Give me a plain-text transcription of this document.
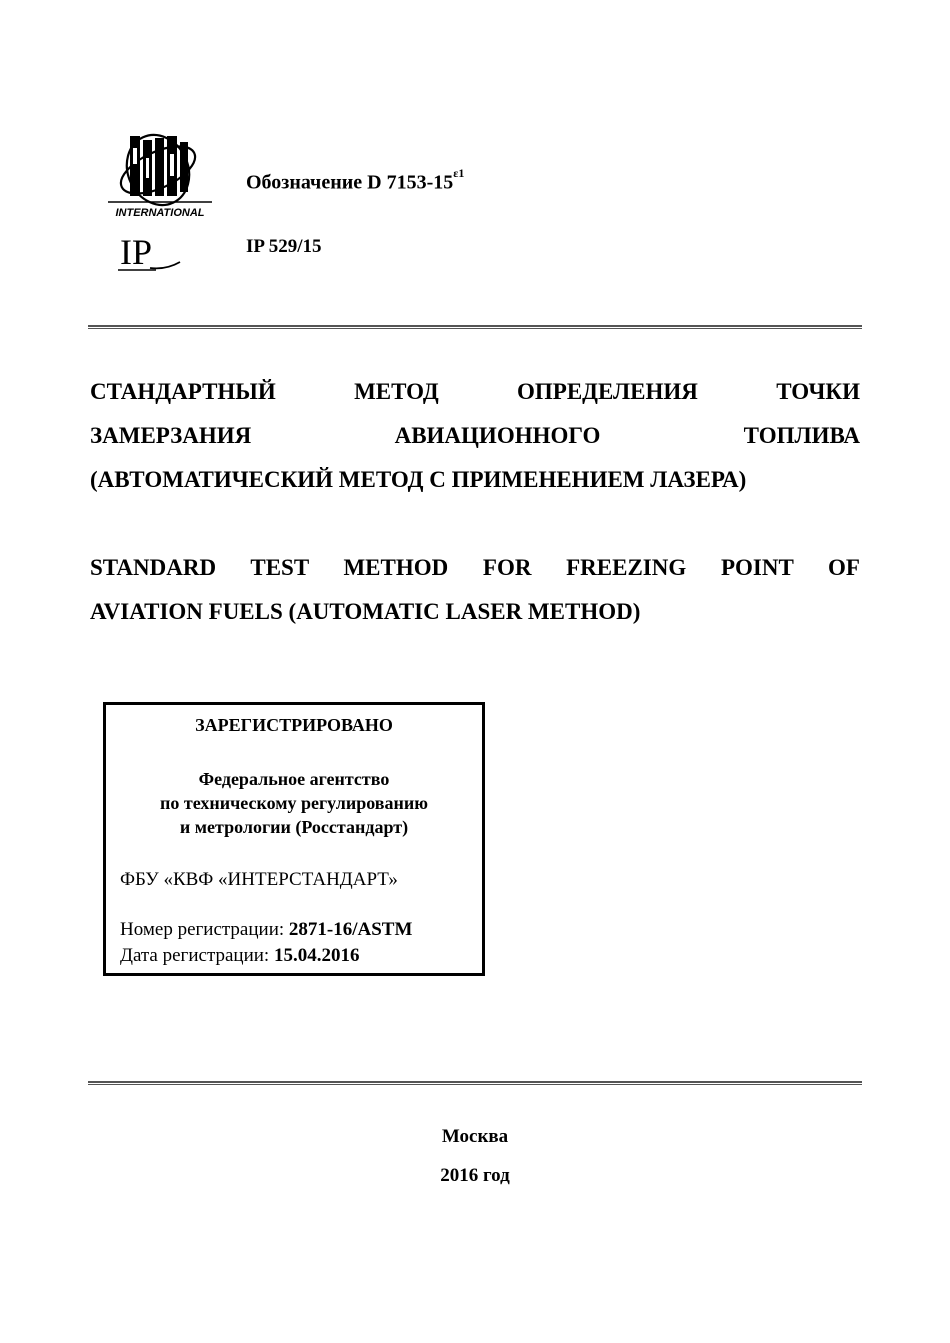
INTERNATIONAL
IP
Обозначение D $7153-15^{\varepsilon 1}$
IP 529/15
СТАНДАРТНЫЙ	МЕТОД	ОПРЕДЕЛЕНИЯ	ТОЧКИ
ЗАМЕРЗАНИЯ	АВИАЦИОННОГО	ТОПЛИВА
(АВТОМАТИЧЕСКИЙ МЕТОД С ПРИМЕНЕНИЕМ ЛАЗЕРА)
STANDARD TEST METHOD FOR FREEZING POINT OF
AVIATION FUELS (AUTOMATIC LASER METHOD)
ЗАРЕГИСТРИРОВАНО
Федеральное агентство
по техническому регулированию
и метрологии (Росстандарт)
ФБУ «КВФ «ИНТЕРСТАНДАРТ»
Номер регистрации: 2871-16/ASTM
Дата регистрации: 15.04.2016
Москва
2016 год
